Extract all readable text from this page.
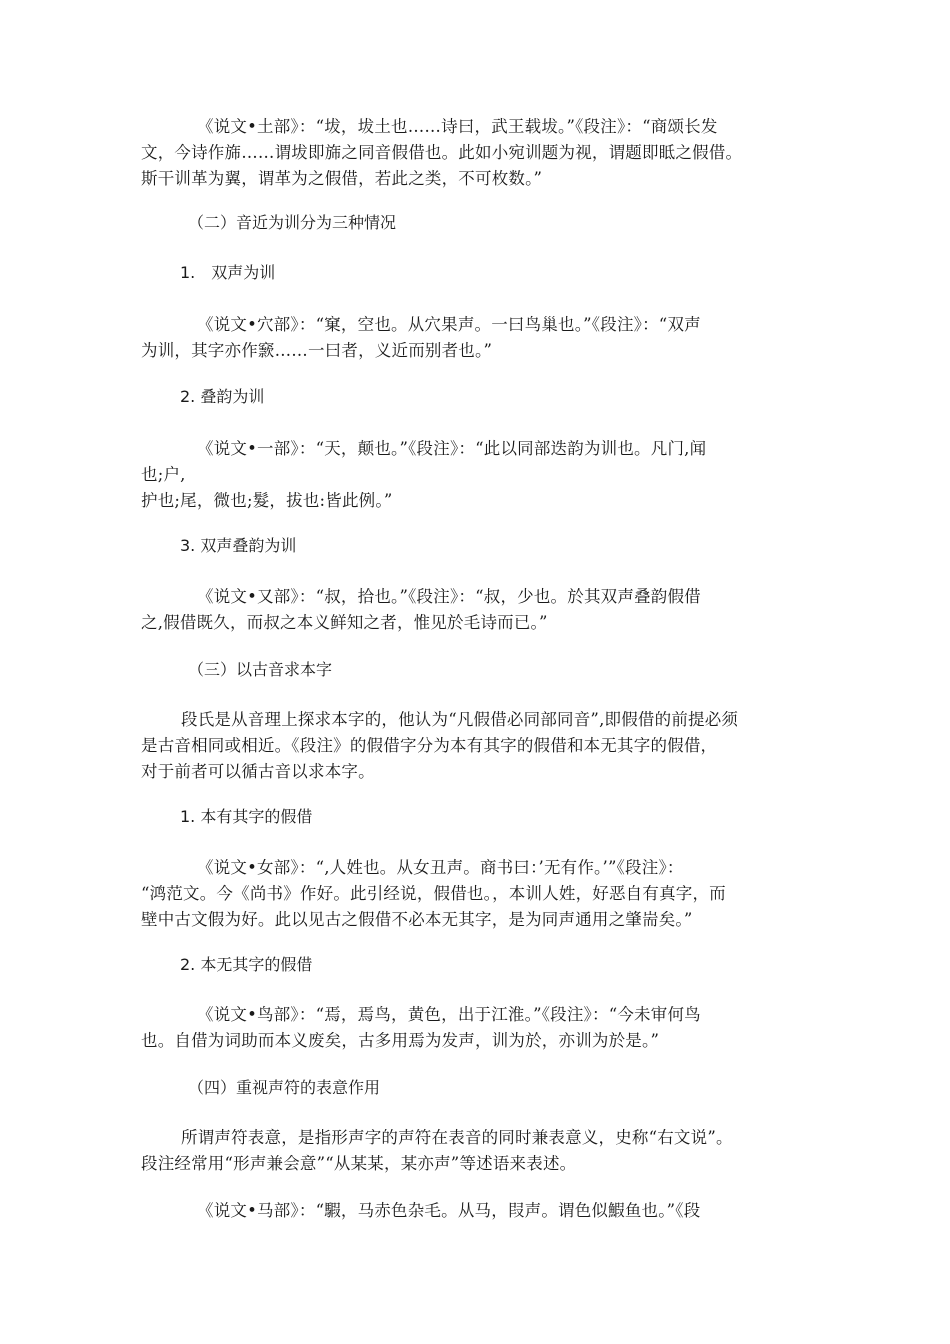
《说文•土部》：“坺，坺土也……诗曰，武王载坺。”《段注》：“商颂长发
文，今诗作旆……谓坺即旆之同音假借也。此如小宛训题为视，谓题即眡之假借。
斯干训革为翼，谓革为之假借，若此之类，不可枚数。”
（二）音近为训分为三种情况
1.　双声为训
《说文•穴部》：“窠，空也。从穴果声。一曰鸟巢也。”《段注》：“双声
为训，其字亦作窾……一曰者，义近而别者也。”
2. 叠韵为训
《说文•一部》：“天，颠也。”《段注》：“此以同部迭韵为训也。凡门,闻
也;户,
护也;尾，微也;髮，拔也:皆此例。”
3. 双声叠韵为训
《说文•又部》：“叔，拾也。”《段注》：“叔，少也。於其双声叠韵假借
之,假借既久，而叔之本义鲜知之者，惟见於毛诗而已。”
（三）以古音求本字
段氏是从音理上探求本字的，他认为“凡假借必同部同音”,即假借的前提必须
是古音相同或相近。《段注》的假借字分为本有其字的假借和本无其字的假借，
对于前者可以循古音以求本字。
1. 本有其字的假借
《说文•女部》：“,人姓也。从女丑声。商书曰：’无有作。’”《段注》：
“鸿范文。今《尚书》作好。此引经说，假借也。，本训人姓，好恶自有真字，而
壁中古文假为好。此以见古之假借不必本无其字，是为同声通用之肇耑矣。”
2. 本无其字的假借
《说文•鸟部》：“焉，焉鸟，黄色，出于江淮。”《段注》：“今未审何鸟
也。自借为词助而本义废矣，古多用焉为发声，训为於，亦训为於是。”
（四）重视声符的表意作用
所谓声符表意，是指形声字的声符在表音的同时兼表意义，史称“右文说”。
段注经常用“形声兼会意”“从某某，某亦声”等述语来表述。
《说文•马部》：“騢，马赤色杂毛。从马，叚声。谓色似鰕鱼也。”《段
